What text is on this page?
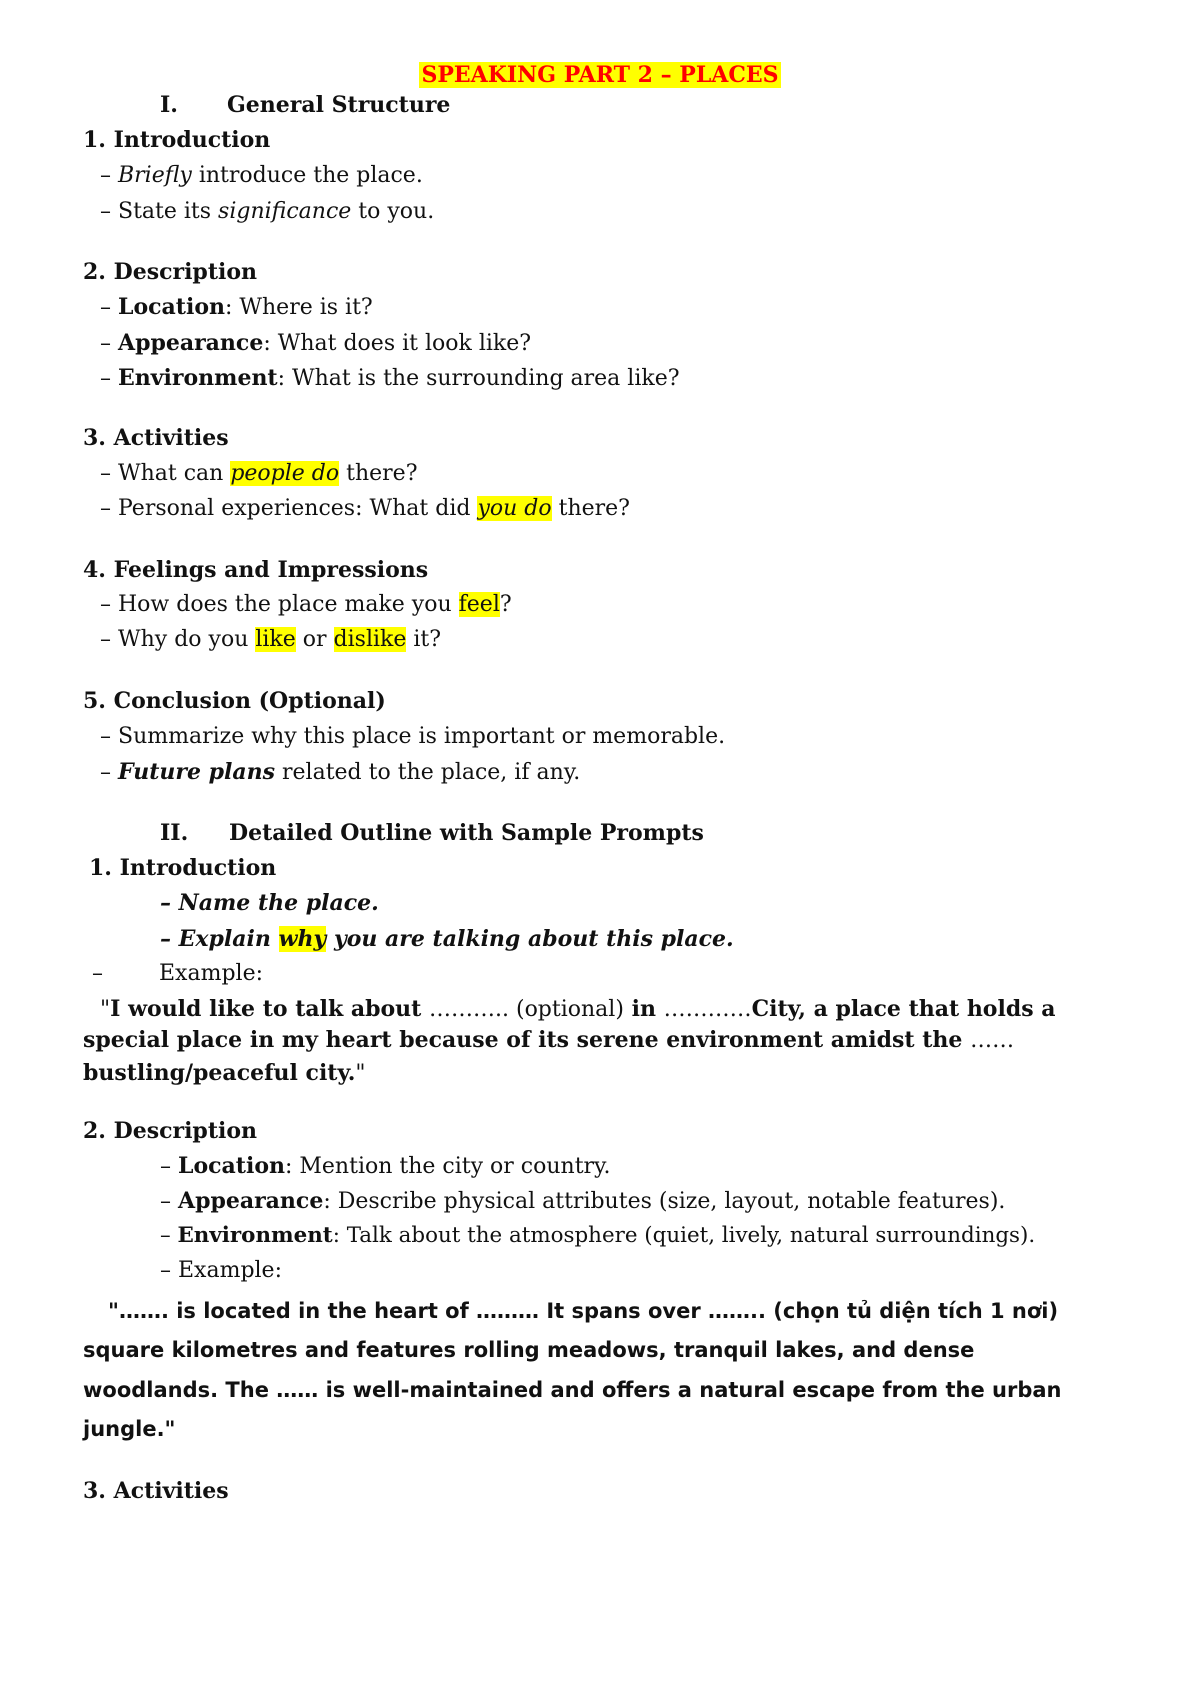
SPEAKING PART 2 – PLACES
I. General Structure
1. Introduction
– Briefly introduce the place.
– State its significance to you.
2. Description
– Location: Where is it?
– Appearance: What does it look like?
– Environment: What is the surrounding area like?
3. Activities
– What can people do there?
– Personal experiences: What did you do there?
4. Feelings and Impressions
– How does the place make you feel?
– Why do you like or dislike it?
5. Conclusion (Optional)
– Summarize why this place is important or memorable.
– Future plans related to the place, if any.
II. Detailed Outline with Sample Prompts
1. Introduction
– Name the place.
– Explain why you are talking about this place.
–	Example:
"I would like to talk about ……….. (optional) in …………City, a place that holds a
special place in my heart because of its serene environment amidst the ……
bustling/peaceful city."
2. Description
– Location: Mention the city or country.
– Appearance: Describe physical attributes (size, layout, notable features).
– Environment: Talk about the atmosphere (quiet, lively, natural surroundings).
– Example:
"……. is located in the heart of ……… It spans over …….. (chọn tủ diện tích 1 nơi)
square kilometres and features rolling meadows, tranquil lakes, and dense
woodlands. The …… is well-maintained and offers a natural escape from the urban
jungle."
3. Activities
